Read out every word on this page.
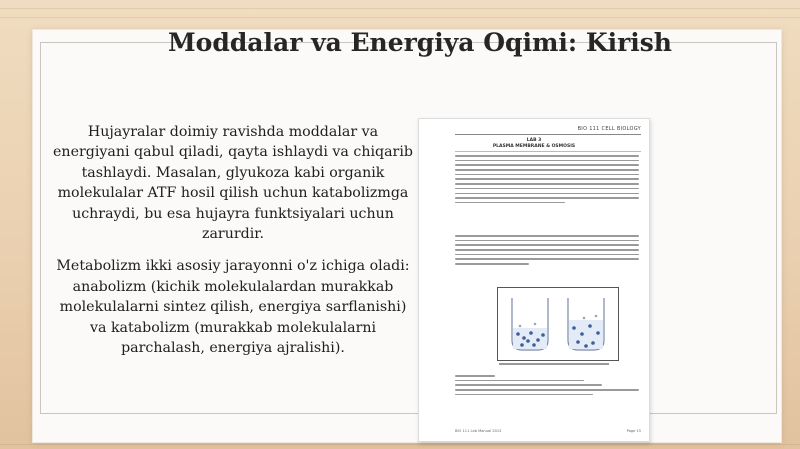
Moddalar va Energiya Oqimi: Kirish

Hujayralar doimiy ravishda moddalar va energiyani qabul qiladi, qayta ishlaydi va chiqarib tashlaydi. Masalan, glyukoza kabi organik molekulalar ATF hosil qilish uchun katabolizmga uchraydi, bu esa hujayra funktsiyalari uchun zarurdir.

Metabolizm ikki asosiy jarayonni o'z ichiga oladi: anabolizm (kichik molekulalardan murakkab molekulalarni sintez qilish, energiya sarflanishi) va katabolizm (murakkab molekulalarni parchalash, energiya ajralishi).

BIO 111 CELL BIOLOGY
LAB 3
PLASMA MEMBRANE & OSMOSIS
BIO 111 Lab Manual 2013	Page 15
